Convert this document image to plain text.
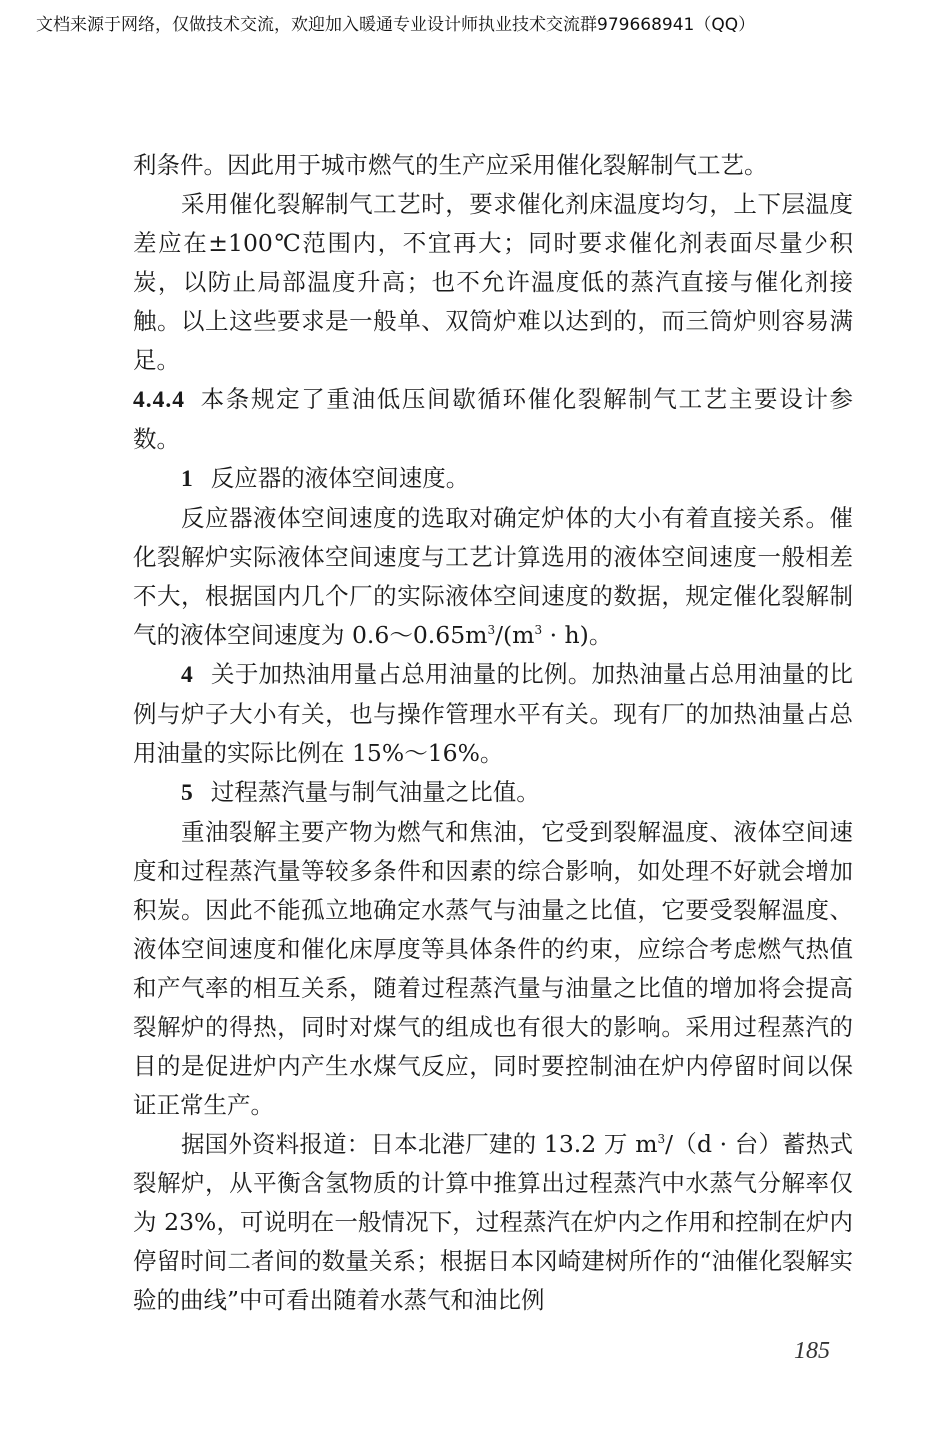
文档来源于网络，仅做技术交流，欢迎加入暖通专业设计师执业技术交流群979668941（QQ）

利条件。因此用于城市燃气的生产应采用催化裂解制气工艺。

采用催化裂解制气工艺时，要求催化剂床温度均匀，上下层温度差应在±100℃范围内，不宜再大；同时要求催化剂表面尽量少积炭，以防止局部温度升高；也不允许温度低的蒸汽直接与催化剂接触。以上这些要求是一般单、双筒炉难以达到的，而三筒炉则容易满足。

4.4.4 本条规定了重油低压间歇循环催化裂解制气工艺主要设计参数。

1 反应器的液体空间速度。

反应器液体空间速度的选取对确定炉体的大小有着直接关系。催化裂解炉实际液体空间速度与工艺计算选用的液体空间速度一般相差不大，根据国内几个厂的实际液体空间速度的数据，规定催化裂解制气的液体空间速度为 $0.6\sim 0.65m^3/(m^3 \cdot h)$。

4 关于加热油用量占总用油量的比例。加热油量占总用油量的比例与炉子大小有关，也与操作管理水平有关。现有厂的加热油量占总用油量的实际比例在 15%～16%。

5 过程蒸汽量与制气油量之比值。

重油裂解主要产物为燃气和焦油，它受到裂解温度、液体空间速度和过程蒸汽量等较多条件和因素的综合影响，如处理不好就会增加积炭。因此不能孤立地确定水蒸气与油量之比值，它要受裂解温度、液体空间速度和催化床厚度等具体条件的约束，应综合考虑燃气热值和产气率的相互关系，随着过程蒸汽量与油量之比值的增加将会提高裂解炉的得热，同时对煤气的组成也有很大的影响。采用过程蒸汽的目的是促进炉内产生水煤气反应，同时要控制油在炉内停留时间以保证正常生产。

据国外资料报道：日本北港厂建的 13.2 万 $m^3/(d$ · 台）蓄热式裂解炉，从平衡含氢物质的计算中推算出过程蒸汽中水蒸气分解率仅为 23%，可说明在一般情况下，过程蒸汽在炉内之作用和控制在炉内停留时间二者间的数量关系；根据日本冈崎建树所作的“油催化裂解实验的曲线”中可看出随着水蒸气和油比例

185
